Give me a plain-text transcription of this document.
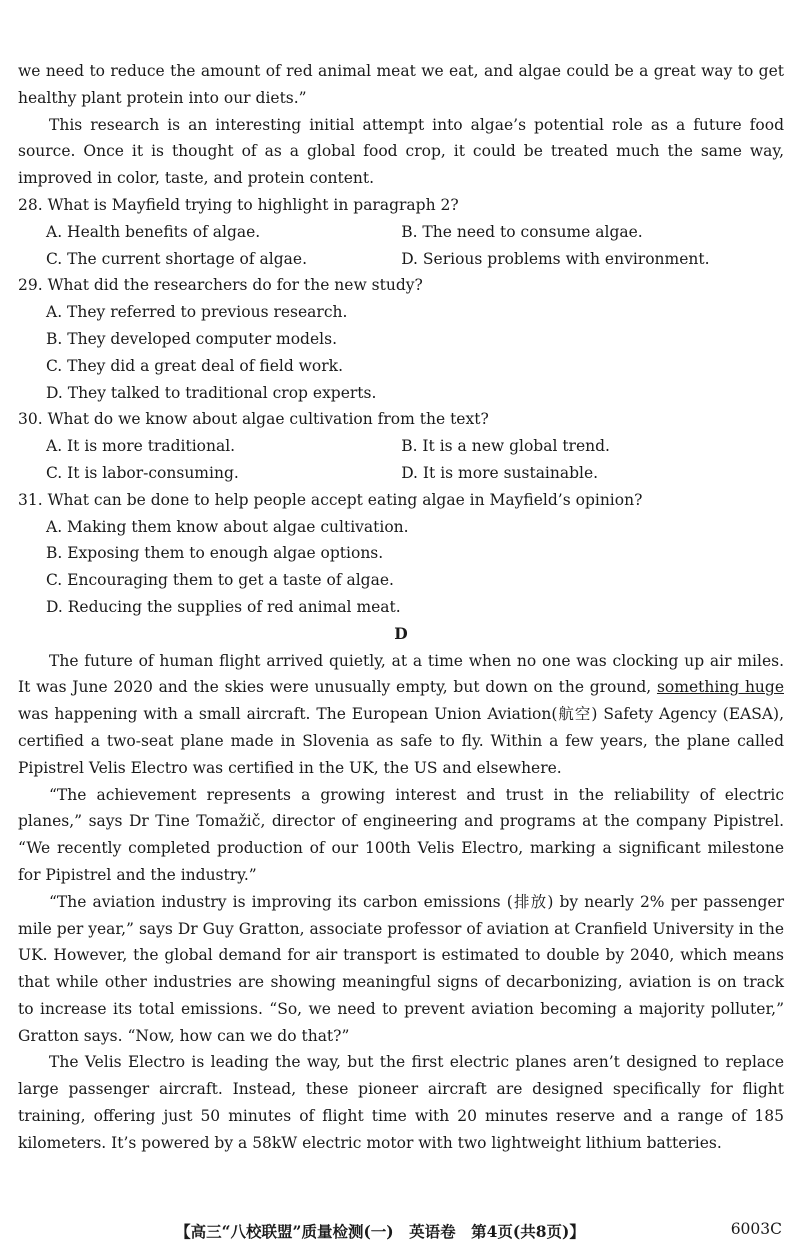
we need to reduce the amount of red animal meat we eat, and algae could be a great way to get healthy plant protein into our diets.”

This research is an interesting initial attempt into algae’s potential role as a future food source. Once it is thought of as a global food crop, it could be treated much the same way, improved in color, taste, and protein content.

28. What is Mayfield trying to highlight in paragraph 2?
A. Health benefits of algae.	B. The need to consume algae.
C. The current shortage of algae.	D. Serious problems with environment.
29. What did the researchers do for the new study?
A. They referred to previous research.
B. They developed computer models.
C. They did a great deal of field work.
D. They talked to traditional crop experts.
30. What do we know about algae cultivation from the text?
A. It is more traditional.	B. It is a new global trend.
C. It is labor-consuming.	D. It is more sustainable.
31. What can be done to help people accept eating algae in Mayfield’s opinion?
A. Making them know about algae cultivation.
B. Exposing them to enough algae options.
C. Encouraging them to get a taste of algae.
D. Reducing the supplies of red animal meat.
D

The future of human flight arrived quietly, at a time when no one was clocking up air miles. It was June 2020 and the skies were unusually empty, but down on the ground, something huge was happening with a small aircraft. The European Union Aviation(航空) Safety Agency (EASA), certified a two-seat plane made in Slovenia as safe to fly. Within a few years, the plane called Pipistrel Velis Electro was certified in the UK, the US and elsewhere.

“The achievement represents a growing interest and trust in the reliability of electric planes,” says Dr Tine Tomažič, director of engineering and programs at the company Pipistrel. “We recently completed production of our 100th Velis Electro, marking a significant milestone for Pipistrel and the industry.”

“The aviation industry is improving its carbon emissions (排放) by nearly 2% per passenger mile per year,” says Dr Guy Gratton, associate professor of aviation at Cranfield University in the UK. However, the global demand for air transport is estimated to double by 2040, which means that while other industries are showing meaningful signs of decarbonizing, aviation is on track to increase its total emissions. “So, we need to prevent aviation becoming a majority polluter,” Gratton says. “Now, how can we do that?”

The Velis Electro is leading the way, but the first electric planes aren’t designed to replace large passenger aircraft. Instead, these pioneer aircraft are designed specifically for flight training, offering just 50 minutes of flight time with 20 minutes reserve and a range of 185 kilometers. It’s powered by a 58kW electric motor with two lightweight lithium batteries.

【高三“八校联盟”质量检测(一)　英语卷　第4页(共8页)】	6003C
